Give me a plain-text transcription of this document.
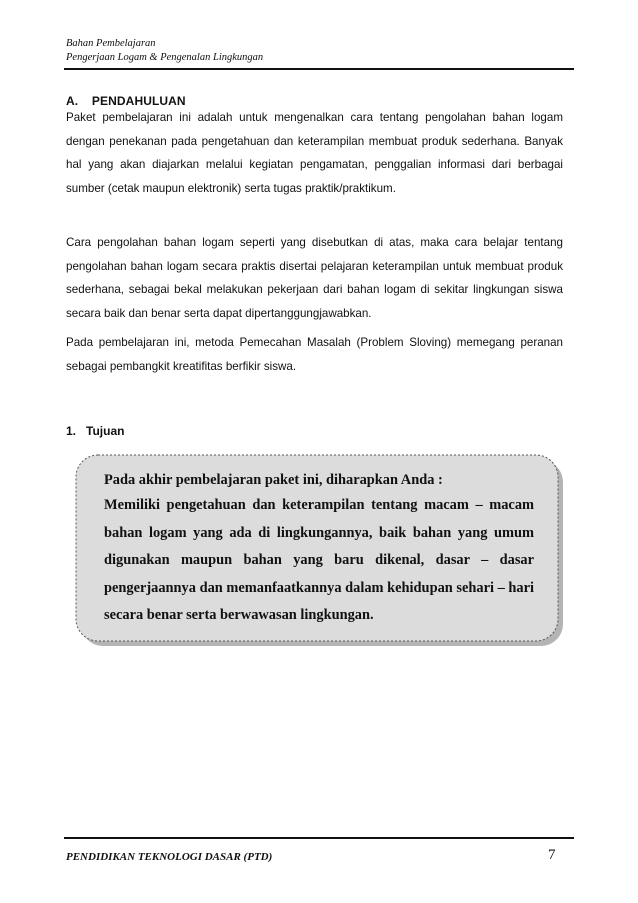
Bahan Pembelajaran
Pengerjaan Logam & Pengenalan Lingkungan
A.    PENDAHULUAN

Paket pembelajaran ini adalah untuk mengenalkan cara tentang pengolahan bahan logam dengan penekanan pada pengetahuan dan keterampilan membuat produk sederhana. Banyak hal yang akan diajarkan melalui kegiatan pengamatan, penggalian informasi dari berbagai sumber (cetak maupun elektronik) serta tugas praktik/praktikum.

Cara pengolahan bahan logam seperti yang disebutkan di atas, maka cara belajar tentang pengolahan bahan logam secara praktis disertai pelajaran keterampilan untuk membuat produk sederhana, sebagai bekal melakukan pekerjaan dari bahan logam di sekitar lingkungan siswa secara baik dan benar serta dapat dipertanggungjawabkan.

Pada pembelajaran ini, metoda Pemecahan Masalah (Problem Sloving) memegang peranan sebagai pembangkit kreatifitas berfikir siswa.

1.   Tujuan

Pada akhir pembelajaran paket ini, diharapkan Anda :

Memiliki pengetahuan dan keterampilan tentang macam – macam bahan logam yang ada di lingkungannya, baik bahan yang umum digunakan maupun bahan yang baru dikenal, dasar – dasar pengerjaannya dan memanfaatkannya dalam kehidupan sehari – hari secara benar serta berwawasan lingkungan.

PENDIDIKAN TEKNOLOGI DASAR (PTD)	7
